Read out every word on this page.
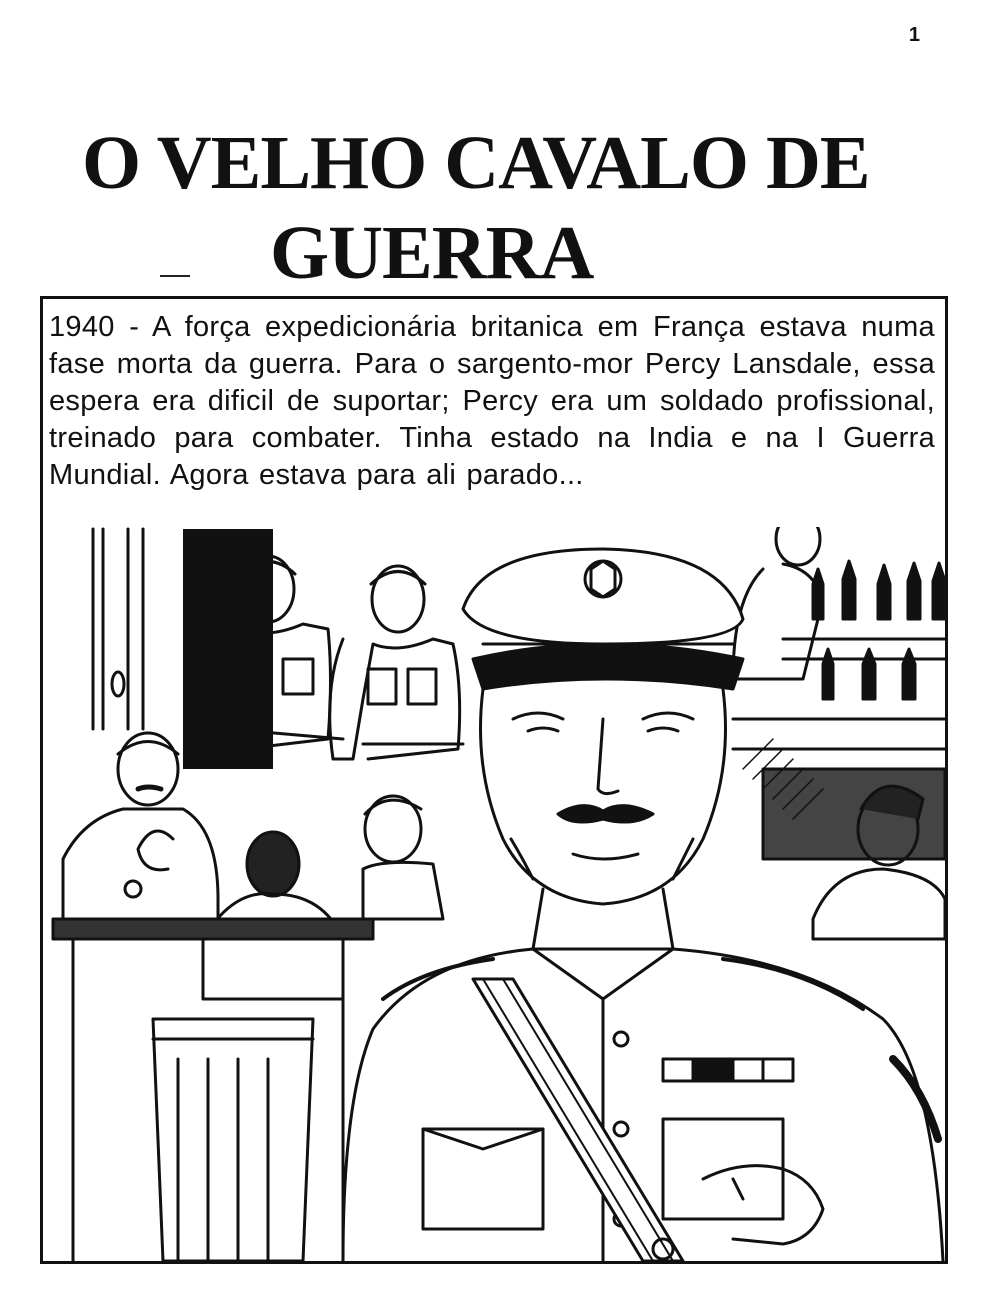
1
O VELHO CAVALO DE
GUERRA

1940 - A força expedicionária britanica em França estava numa fase morta da guerra. Para o sargento-mor Percy Lansdale, essa espera era dificil de suportar; Percy era um soldado profissional, treinado para combater. Tinha estado na India e na I Guerra Mundial. Agora estava para ali parado...
